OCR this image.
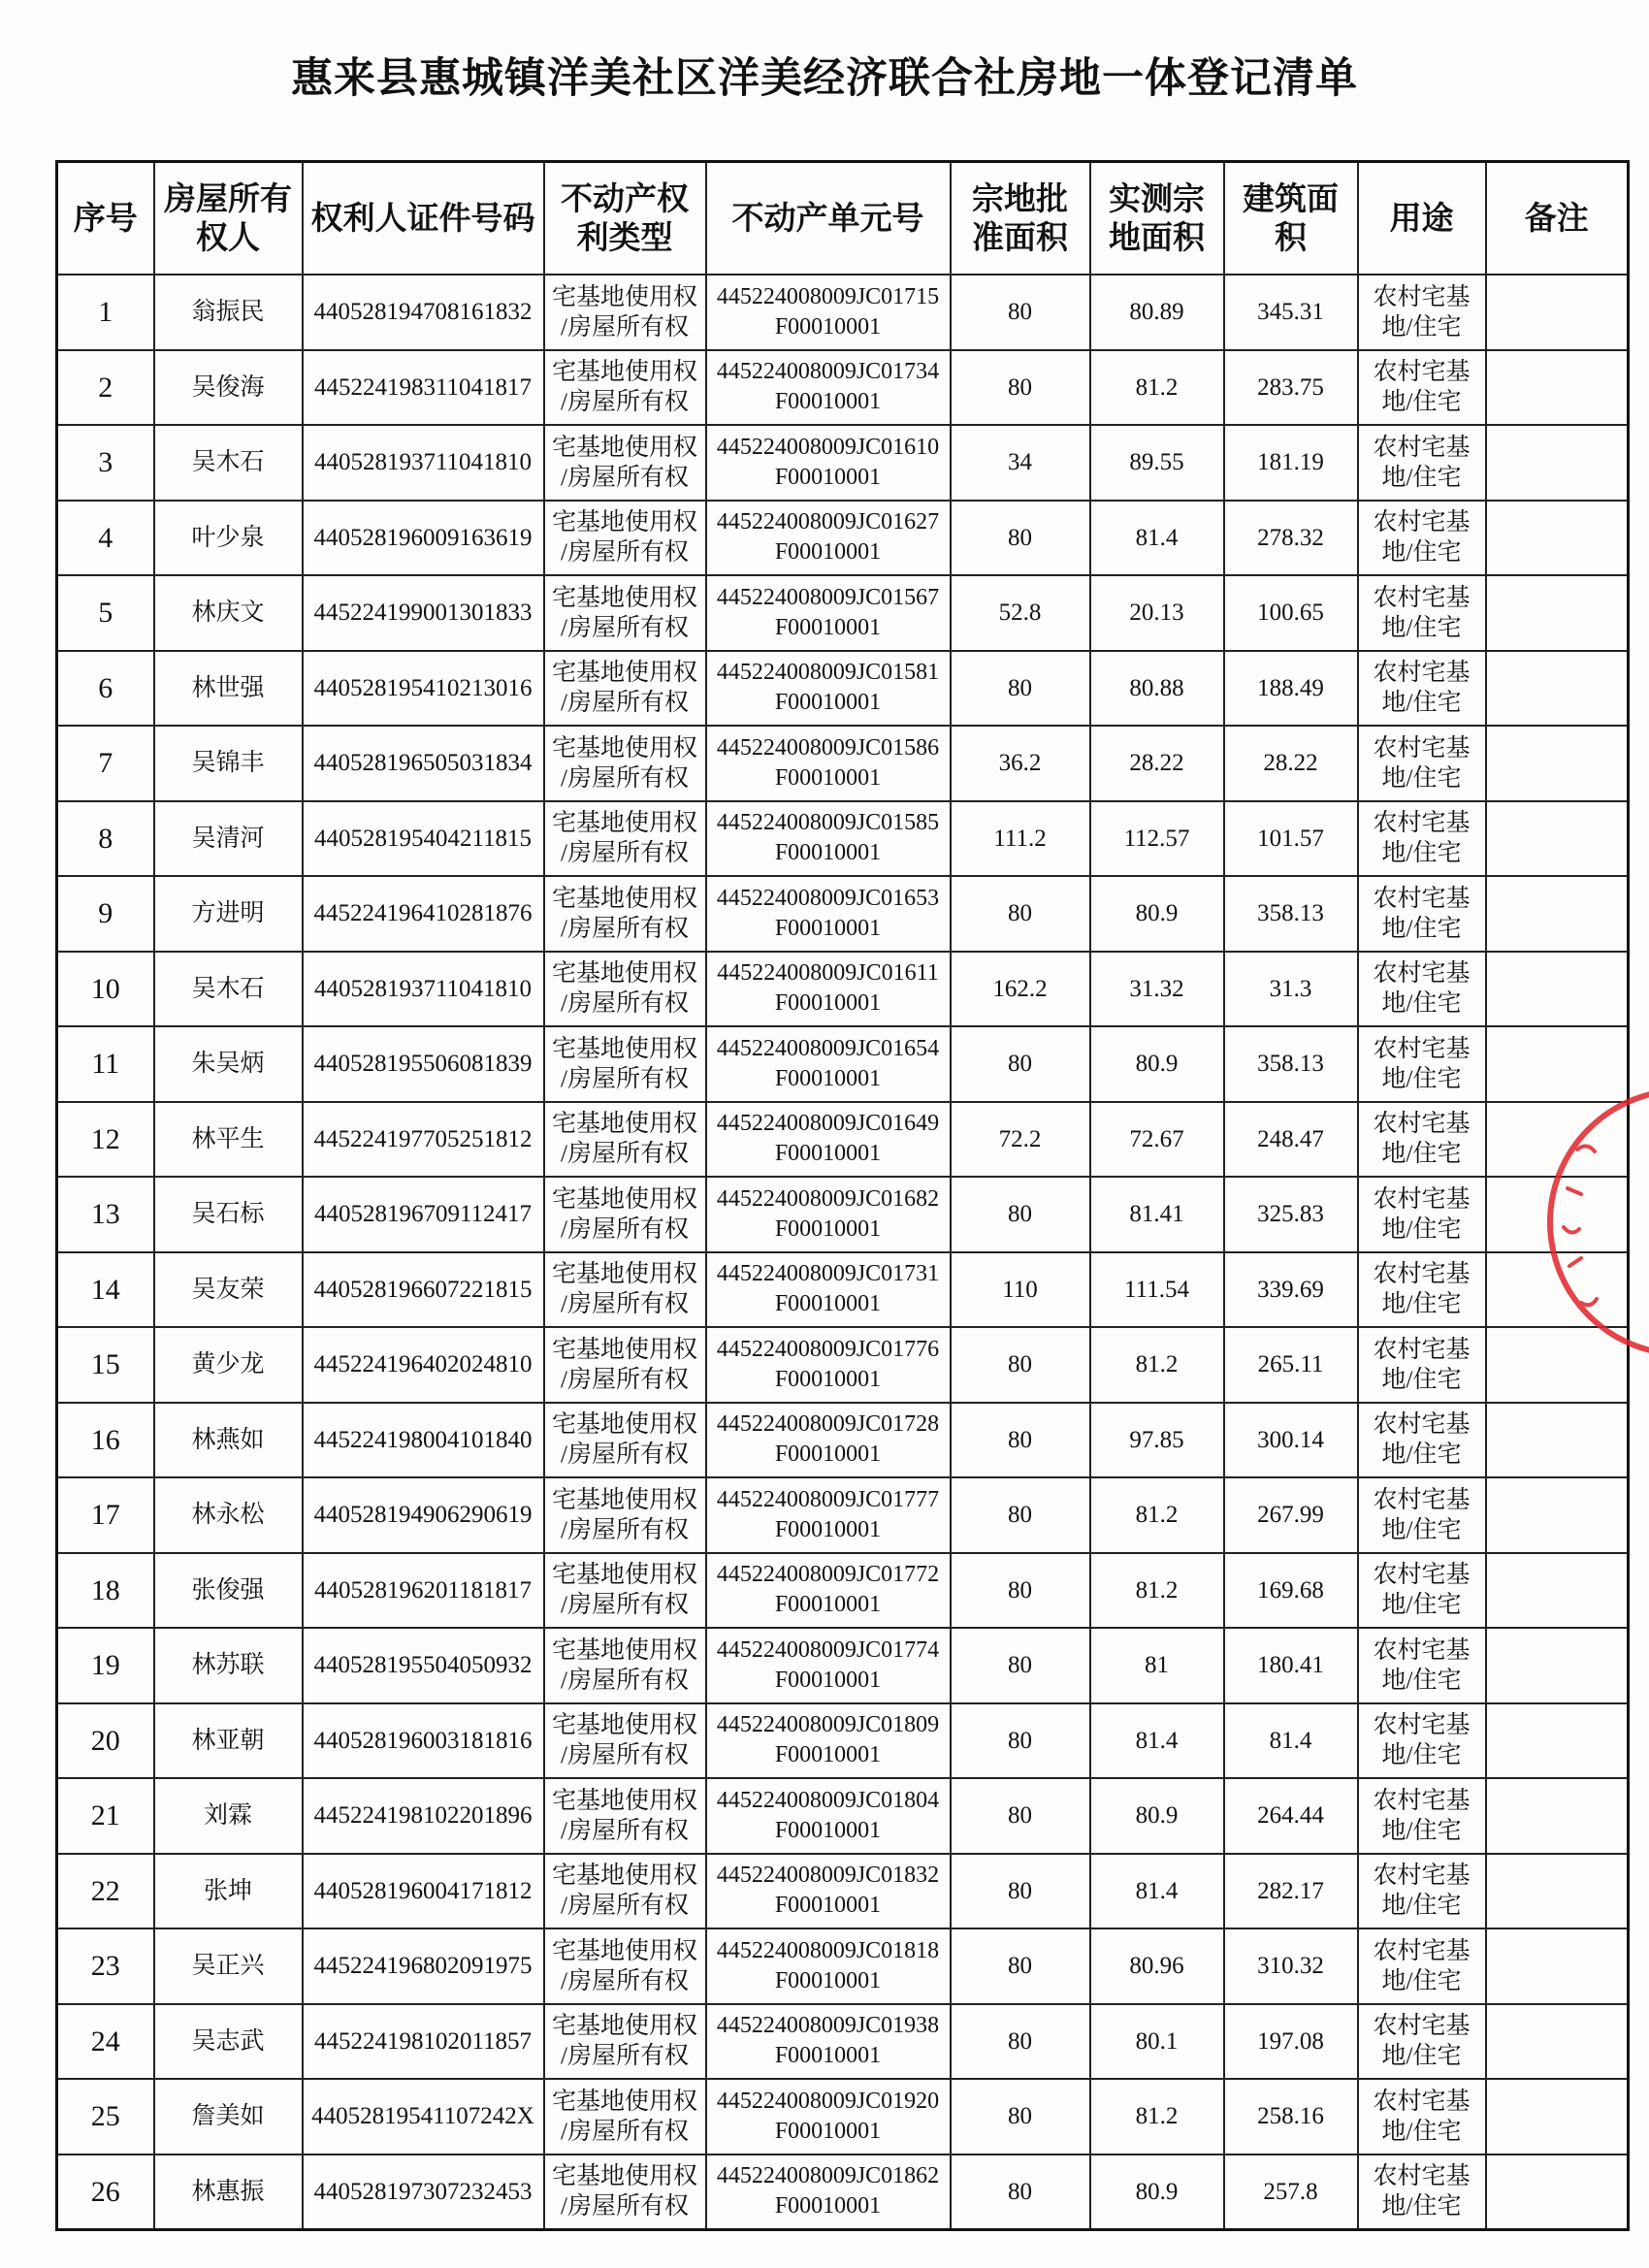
惠来县惠城镇洋美社区洋美经济联合社房地一体登记清单
序号	房屋所有
权人	权利人证件号码	不动产权
利类型	不动产单元号	宗地批
准面积	实测宗
地面积	建筑面
积	用途	备注
1	翁振民	440528194708161832	宅基地使用权
/房屋所有权	445224008009JC01715
F00010001	80	80.89	345.31	农村宅基
地/住宅	
2	吴俊海	445224198311041817	宅基地使用权
/房屋所有权	445224008009JC01734
F00010001	80	81.2	283.75	农村宅基
地/住宅	
3	吴木石	440528193711041810	宅基地使用权
/房屋所有权	445224008009JC01610
F00010001	34	89.55	181.19	农村宅基
地/住宅	
4	叶少泉	440528196009163619	宅基地使用权
/房屋所有权	445224008009JC01627
F00010001	80	81.4	278.32	农村宅基
地/住宅	
5	林庆文	445224199001301833	宅基地使用权
/房屋所有权	445224008009JC01567
F00010001	52.8	20.13	100.65	农村宅基
地/住宅	
6	林世强	440528195410213016	宅基地使用权
/房屋所有权	445224008009JC01581
F00010001	80	80.88	188.49	农村宅基
地/住宅	
7	吴锦丰	440528196505031834	宅基地使用权
/房屋所有权	445224008009JC01586
F00010001	36.2	28.22	28.22	农村宅基
地/住宅	
8	吴清河	440528195404211815	宅基地使用权
/房屋所有权	445224008009JC01585
F00010001	111.2	112.57	101.57	农村宅基
地/住宅	
9	方进明	445224196410281876	宅基地使用权
/房屋所有权	445224008009JC01653
F00010001	80	80.9	358.13	农村宅基
地/住宅	
10	吴木石	440528193711041810	宅基地使用权
/房屋所有权	445224008009JC01611
F00010001	162.2	31.32	31.3	农村宅基
地/住宅	
11	朱吴炳	440528195506081839	宅基地使用权
/房屋所有权	445224008009JC01654
F00010001	80	80.9	358.13	农村宅基
地/住宅	
12	林平生	445224197705251812	宅基地使用权
/房屋所有权	445224008009JC01649
F00010001	72.2	72.67	248.47	农村宅基
地/住宅	
13	吴石标	440528196709112417	宅基地使用权
/房屋所有权	445224008009JC01682
F00010001	80	81.41	325.83	农村宅基
地/住宅	
14	吴友荣	440528196607221815	宅基地使用权
/房屋所有权	445224008009JC01731
F00010001	110	111.54	339.69	农村宅基
地/住宅	
15	黄少龙	445224196402024810	宅基地使用权
/房屋所有权	445224008009JC01776
F00010001	80	81.2	265.11	农村宅基
地/住宅	
16	林燕如	445224198004101840	宅基地使用权
/房屋所有权	445224008009JC01728
F00010001	80	97.85	300.14	农村宅基
地/住宅	
17	林永松	440528194906290619	宅基地使用权
/房屋所有权	445224008009JC01777
F00010001	80	81.2	267.99	农村宅基
地/住宅	
18	张俊强	440528196201181817	宅基地使用权
/房屋所有权	445224008009JC01772
F00010001	80	81.2	169.68	农村宅基
地/住宅	
19	林苏联	440528195504050932	宅基地使用权
/房屋所有权	445224008009JC01774
F00010001	80	81	180.41	农村宅基
地/住宅	
20	林亚朝	440528196003181816	宅基地使用权
/房屋所有权	445224008009JC01809
F00010001	80	81.4	81.4	农村宅基
地/住宅	
21	刘霖	445224198102201896	宅基地使用权
/房屋所有权	445224008009JC01804
F00010001	80	80.9	264.44	农村宅基
地/住宅	
22	张坤	440528196004171812	宅基地使用权
/房屋所有权	445224008009JC01832
F00010001	80	81.4	282.17	农村宅基
地/住宅	
23	吴正兴	445224196802091975	宅基地使用权
/房屋所有权	445224008009JC01818
F00010001	80	80.96	310.32	农村宅基
地/住宅	
24	吴志武	445224198102011857	宅基地使用权
/房屋所有权	445224008009JC01938
F00010001	80	80.1	197.08	农村宅基
地/住宅	
25	詹美如	44052819541107242X	宅基地使用权
/房屋所有权	445224008009JC01920
F00010001	80	81.2	258.16	农村宅基
地/住宅	
26	林惠振	440528197307232453	宅基地使用权
/房屋所有权	445224008009JC01862
F00010001	80	80.9	257.8	农村宅基
地/住宅	
